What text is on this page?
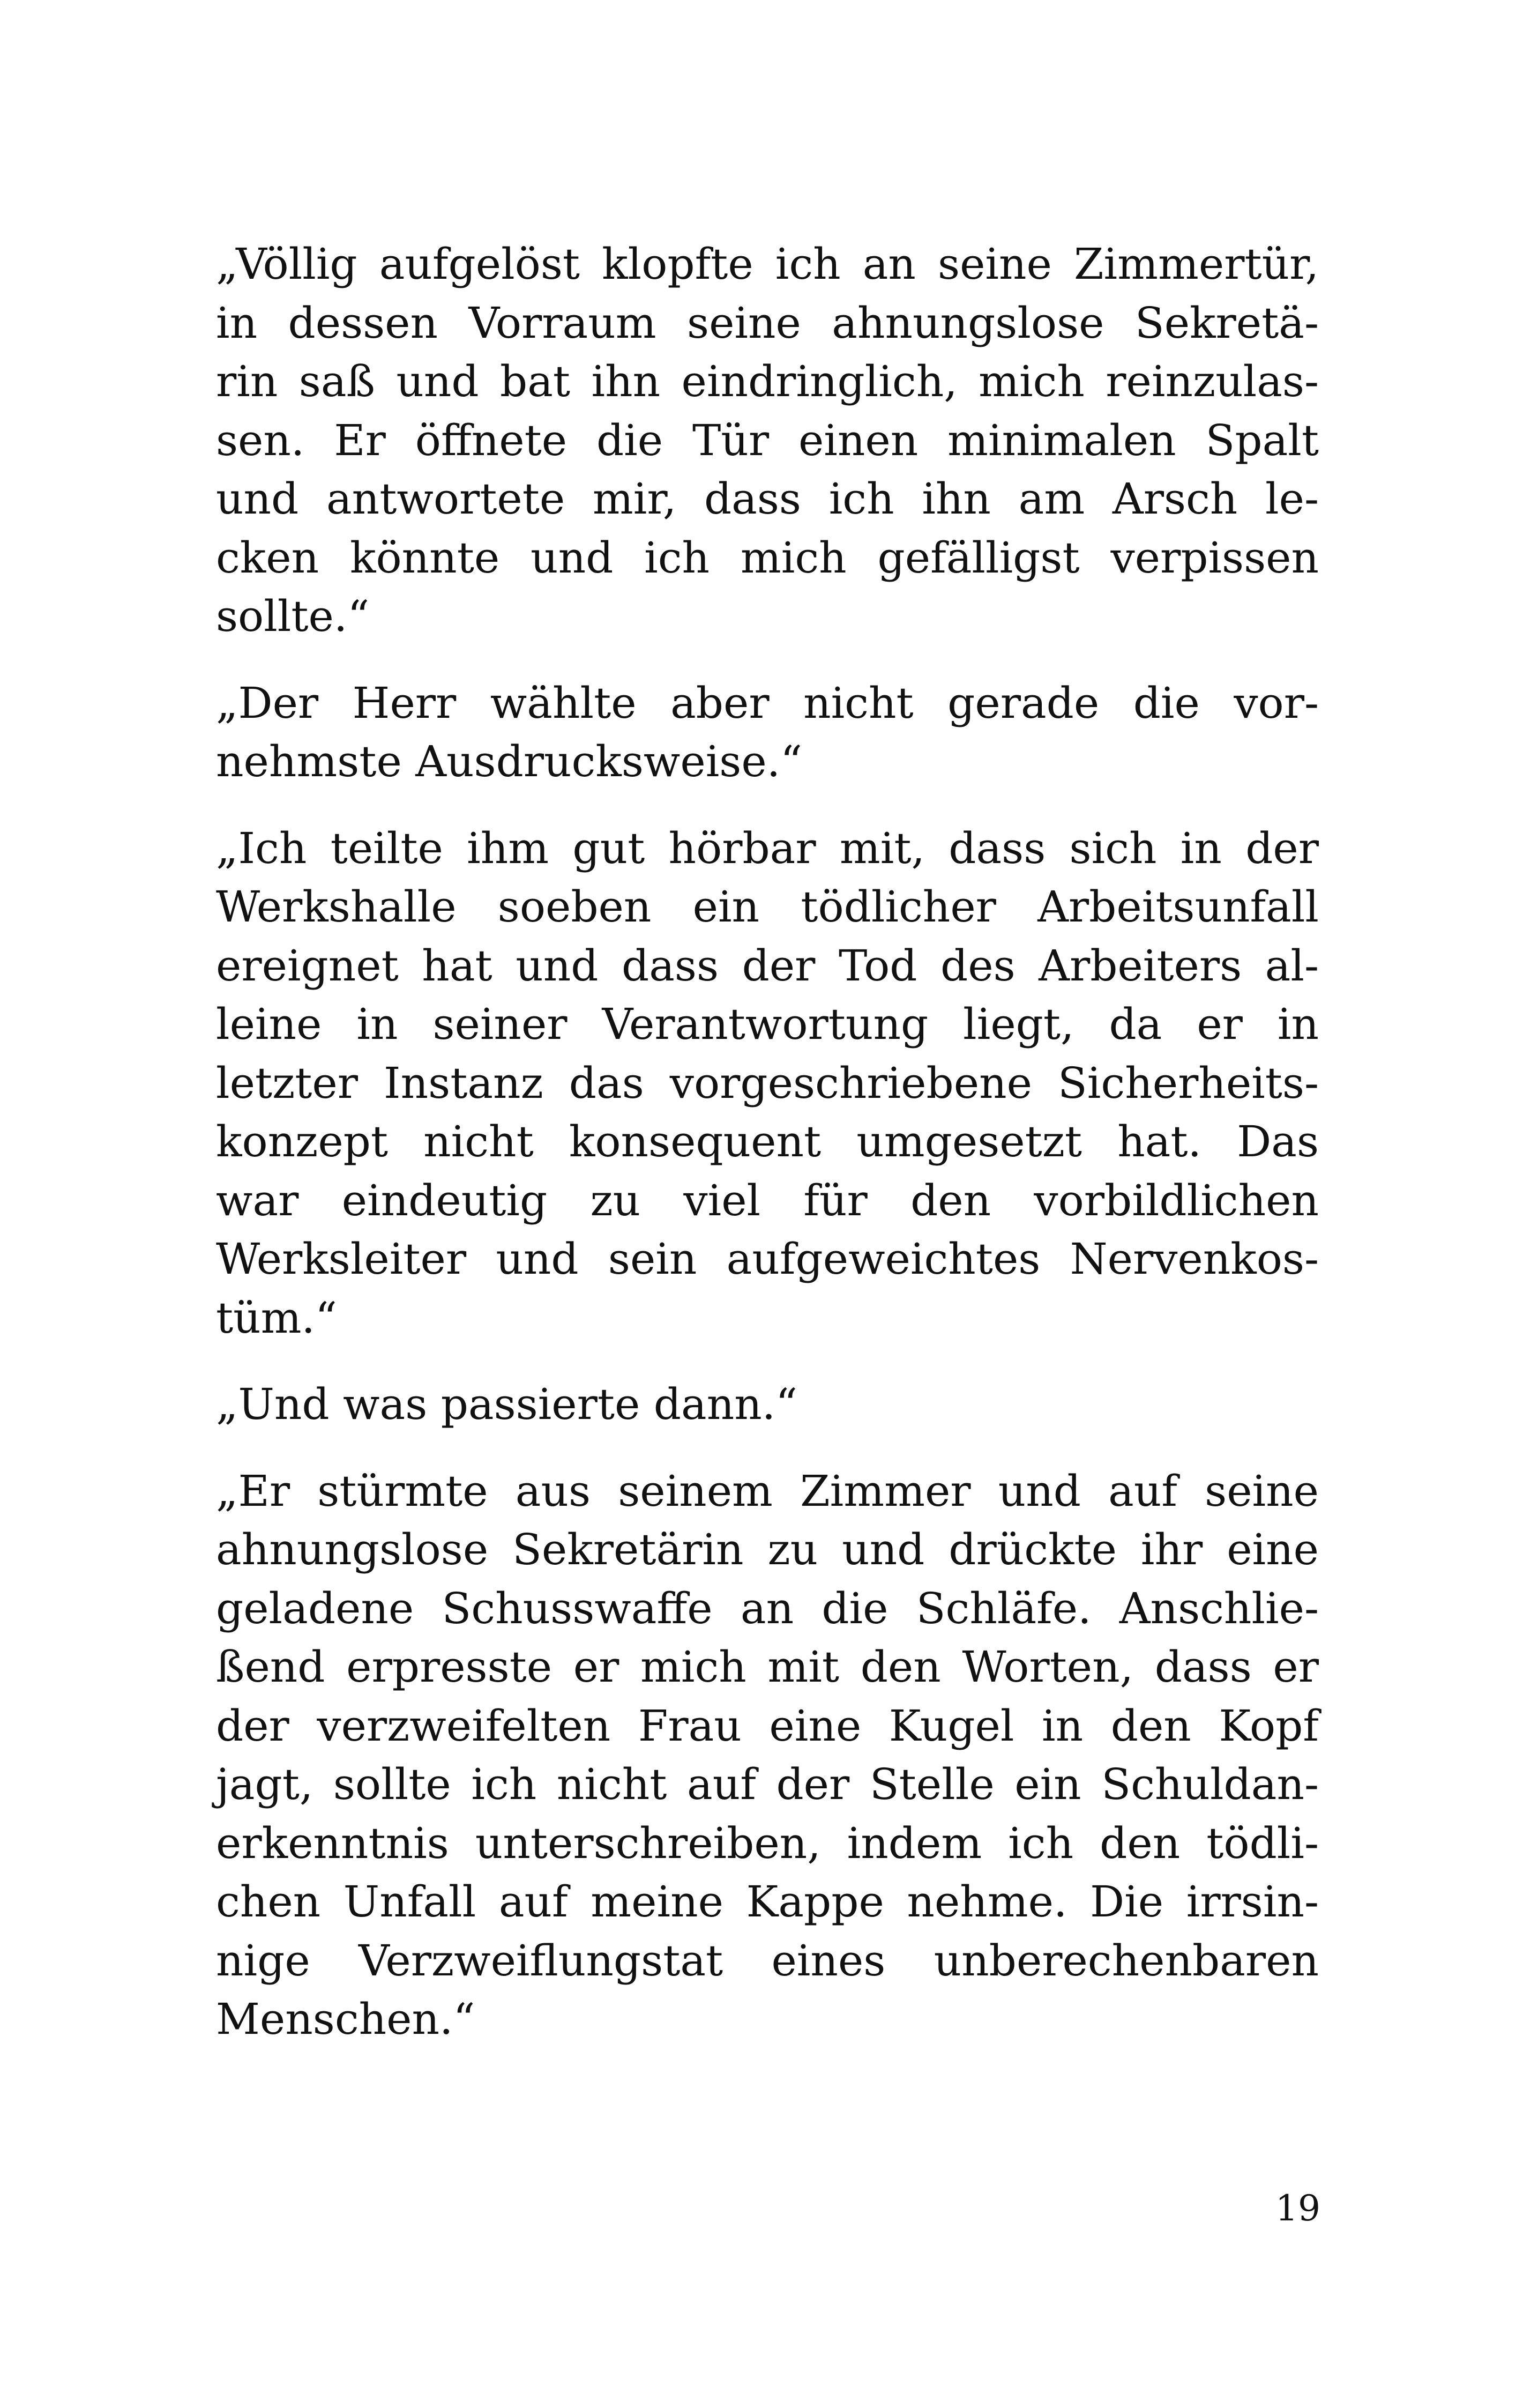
„Völlig aufgelöst klopfte ich an seine Zimmertür,
in dessen Vorraum seine ahnungslose Sekretä-
rin saß und bat ihn eindringlich, mich reinzulas-
sen. Er öffnete die Tür einen minimalen Spalt
und antwortete mir, dass ich ihn am Arsch le-
cken könnte und ich mich gefälligst verpissen
sollte.“

„Der Herr wählte aber nicht gerade die vor-
nehmste Ausdrucksweise.“

„Ich teilte ihm gut hörbar mit, dass sich in der
Werkshalle soeben ein tödlicher Arbeitsunfall
ereignet hat und dass der Tod des Arbeiters al-
leine in seiner Verantwortung liegt, da er in
letzter Instanz das vorgeschriebene Sicherheits-
konzept nicht konsequent umgesetzt hat. Das
war eindeutig zu viel für den vorbildlichen
Werksleiter und sein aufgeweichtes Nervenkos-
tüm.“

„Und was passierte dann.“

„Er stürmte aus seinem Zimmer und auf seine
ahnungslose Sekretärin zu und drückte ihr eine
geladene Schusswaffe an die Schläfe. Anschlie-
ßend erpresste er mich mit den Worten, dass er
der verzweifelten Frau eine Kugel in den Kopf
jagt, sollte ich nicht auf der Stelle ein Schuldan-
erkenntnis unterschreiben, indem ich den tödli-
chen Unfall auf meine Kappe nehme. Die irrsin-
nige Verzweiflungstat eines unberechenbaren
Menschen.“

19
